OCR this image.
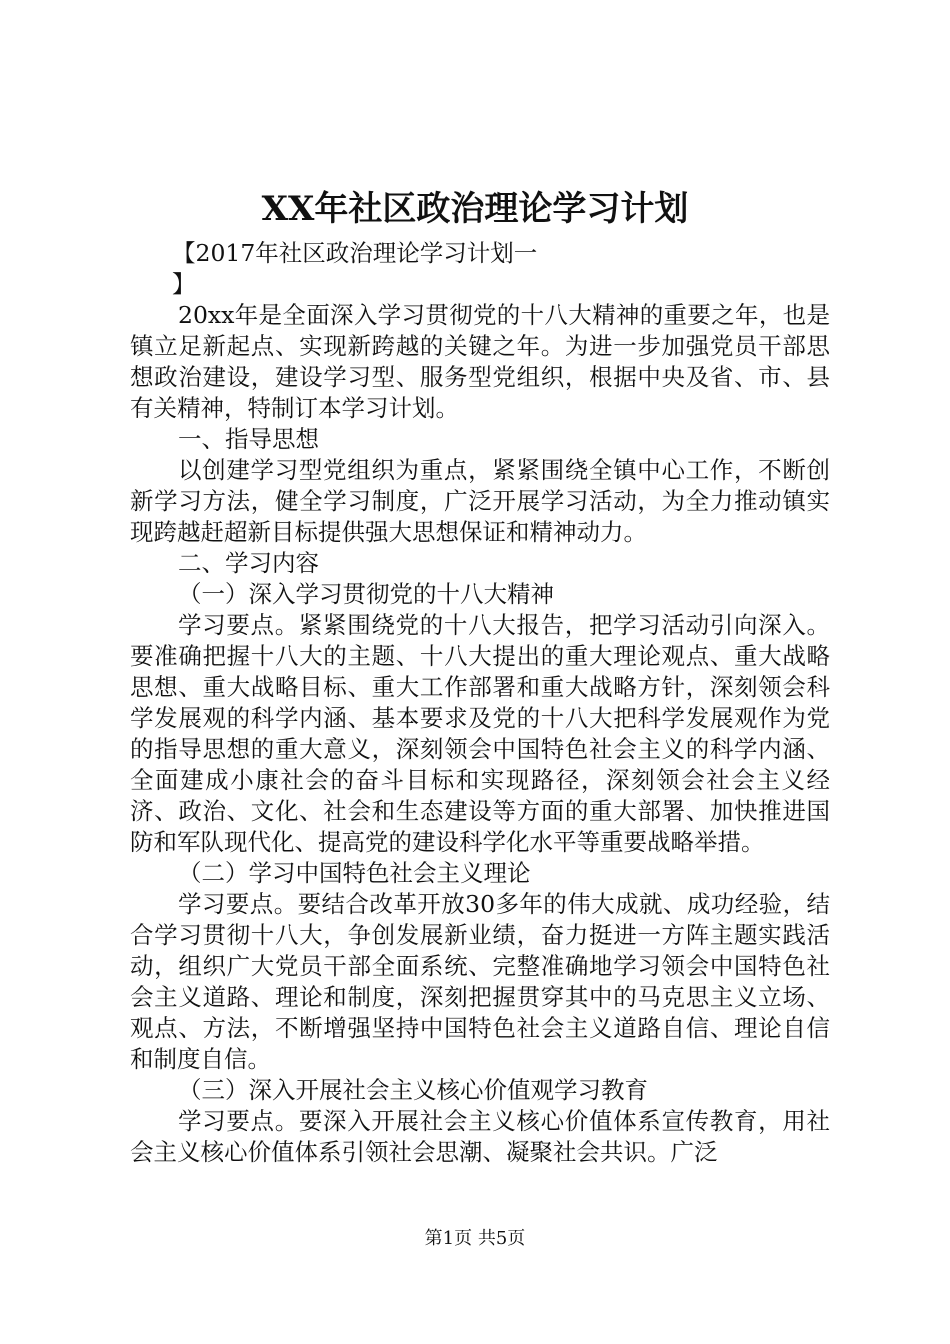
XX年社区政治理论学习计划

【2017年社区政治理论学习计划一

】

20xx年是全面深入学习贯彻党的十八大精神的重要之年，也是镇立足新起点、实现新跨越的关键之年。为进一步加强党员干部思想政治建设，建设学习型、服务型党组织，根据中央及省、市、县有关精神，特制订本学习计划。

一、指导思想

以创建学习型党组织为重点，紧紧围绕全镇中心工作，不断创新学习方法，健全学习制度，广泛开展学习活动，为全力推动镇实现跨越赶超新目标提供强大思想保证和精神动力。

二、学习内容

（一）深入学习贯彻党的十八大精神

学习要点。紧紧围绕党的十八大报告，把学习活动引向深入。要准确把握十八大的主题、十八大提出的重大理论观点、重大战略思想、重大战略目标、重大工作部署和重大战略方针，深刻领会科学发展观的科学内涵、基本要求及党的十八大把科学发展观作为党的指导思想的重大意义，深刻领会中国特色社会主义的科学内涵、全面建成小康社会的奋斗目标和实现路径，深刻领会社会主义经济、政治、文化、社会和生态建设等方面的重大部署、加快推进国防和军队现代化、提高党的建设科学化水平等重要战略举措。

（二）学习中国特色社会主义理论

学习要点。要结合改革开放30多年的伟大成就、成功经验，结合学习贯彻十八大，争创发展新业绩，奋力挺进一方阵主题实践活动，组织广大党员干部全面系统、完整准确地学习领会中国特色社会主义道路、理论和制度，深刻把握贯穿其中的马克思主义立场、观点、方法，不断增强坚持中国特色社会主义道路自信、理论自信和制度自信。

（三）深入开展社会主义核心价值观学习教育

学习要点。要深入开展社会主义核心价值体系宣传教育，用社会主义核心价值体系引领社会思潮、凝聚社会共识。广泛

第1页 共5页
